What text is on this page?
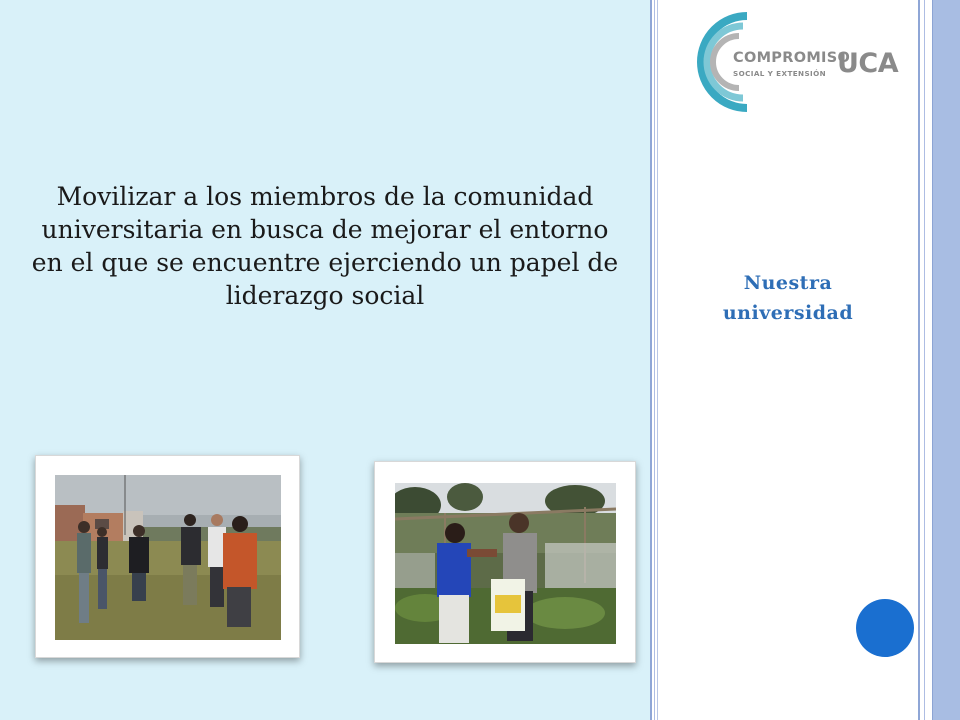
Movilizar a los miembros de la comunidad universitaria en busca de mejorar el entorno en el que se encuentre ejerciendo un papel de liderazgo social

COMPROMISO
SOCIAL Y EXTENSIÓN UCA

Nuestra
universidad
